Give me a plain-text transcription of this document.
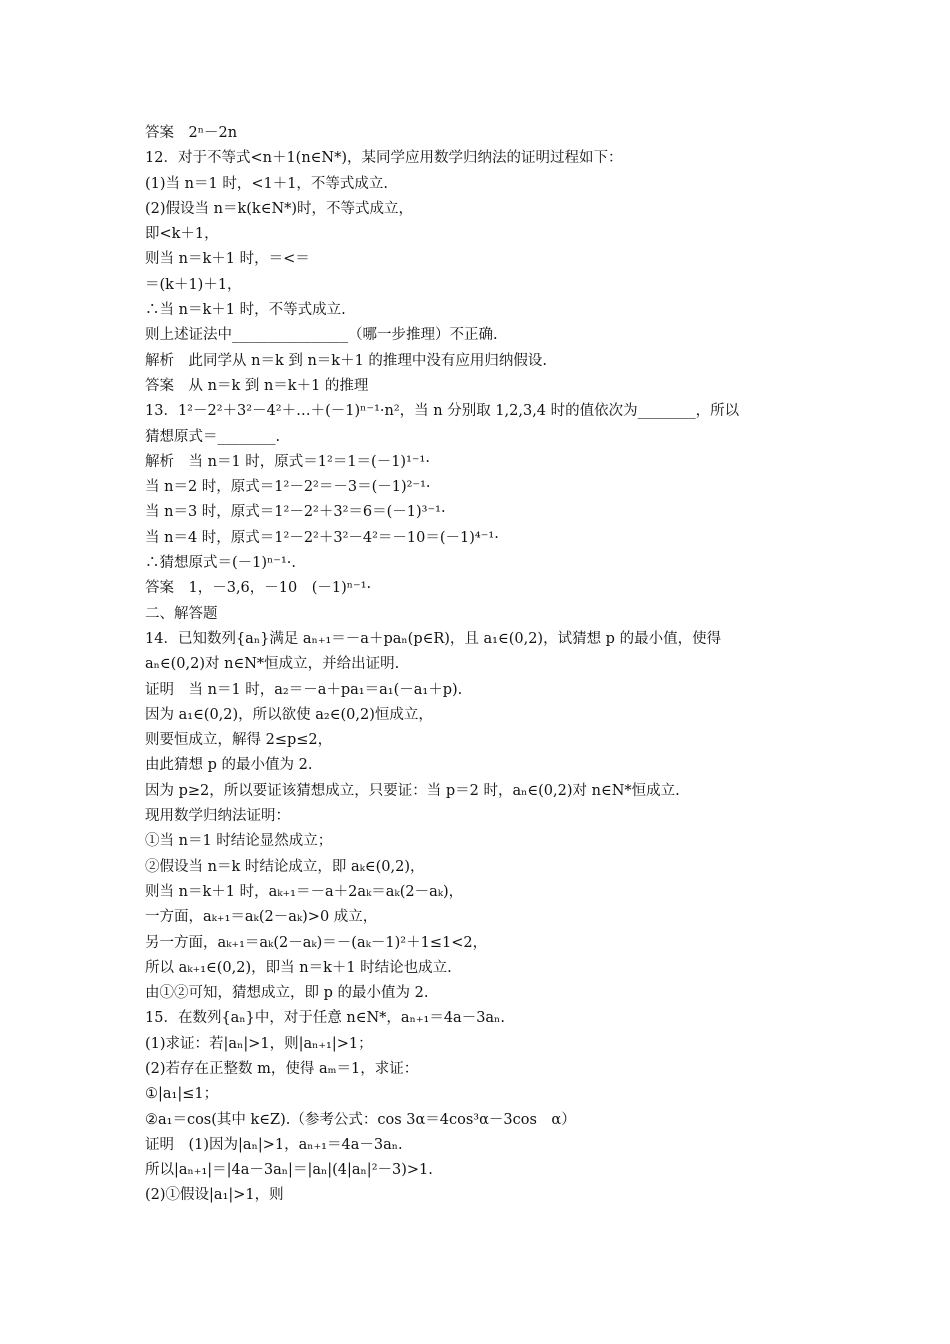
答案　2ⁿ－2n
12．对于不等式<n＋1(n∈N*)，某同学应用数学归纳法的证明过程如下：
(1)当 n＝1 时，<1＋1，不等式成立.
(2)假设当 n＝k(k∈N*)时，不等式成立，
即<k＋1，
则当 n＝k＋1 时，＝<＝
＝(k＋1)＋1，
∴当 n＝k＋1 时，不等式成立.
则上述证法中________________（哪一步推理）不正确.
解析　此同学从 n＝k 到 n＝k＋1 的推理中没有应用归纳假设.
答案　从 n＝k 到 n＝k＋1 的推理
13．1²－2²＋3²－4²＋…＋(－1)ⁿ⁻¹·n²，当 n 分别取 1,2,3,4 时的值依次为________，所以
猜想原式＝________.
解析　当 n＝1 时，原式＝1²＝1＝(－1)¹⁻¹·
当 n＝2 时，原式＝1²－2²＝－3＝(－1)²⁻¹·
当 n＝3 时，原式＝1²－2²＋3²＝6＝(－1)³⁻¹·
当 n＝4 时，原式＝1²－2²＋3²－4²＝－10＝(－1)⁴⁻¹·
∴猜想原式＝(－1)ⁿ⁻¹·.
答案　1，－3,6，－10　(－1)ⁿ⁻¹·
二、解答题
14．已知数列{aₙ}满足 aₙ₊₁＝－a＋paₙ(p∈R)，且 a₁∈(0,2)，试猜想 p 的最小值，使得
aₙ∈(0,2)对 n∈N*恒成立，并给出证明.
证明　当 n＝1 时，a₂＝－a＋pa₁＝a₁(－a₁＋p).
因为 a₁∈(0,2)，所以欲使 a₂∈(0,2)恒成立，
则要恒成立，解得 2≤p≤2，
由此猜想 p 的最小值为 2.
因为 p≥2，所以要证该猜想成立，只要证：当 p＝2 时，aₙ∈(0,2)对 n∈N*恒成立.
现用数学归纳法证明：
①当 n＝1 时结论显然成立；
②假设当 n＝k 时结论成立，即 aₖ∈(0,2)，
则当 n＝k＋1 时，aₖ₊₁＝－a＋2aₖ＝aₖ(2－aₖ)，
一方面，aₖ₊₁＝aₖ(2－aₖ)>0 成立，
另一方面，aₖ₊₁＝aₖ(2－aₖ)＝－(aₖ－1)²＋1≤1<2，
所以 aₖ₊₁∈(0,2)，即当 n＝k＋1 时结论也成立.
由①②可知，猜想成立，即 p 的最小值为 2.
15．在数列{aₙ}中，对于任意 n∈N*，aₙ₊₁＝4a－3aₙ.
(1)求证：若|aₙ|>1，则|aₙ₊₁|>1；
(2)若存在正整数 m，使得 aₘ＝1，求证：
①|a₁|≤1；
②a₁＝cos(其中 k∈Z).（参考公式：cos 3α＝4cos³α－3cos　α）
证明　(1)因为|aₙ|>1，aₙ₊₁＝4a－3aₙ.
所以|aₙ₊₁|＝|4a－3aₙ|＝|aₙ|(4|aₙ|²－3)>1.
(2)①假设|a₁|>1，则
